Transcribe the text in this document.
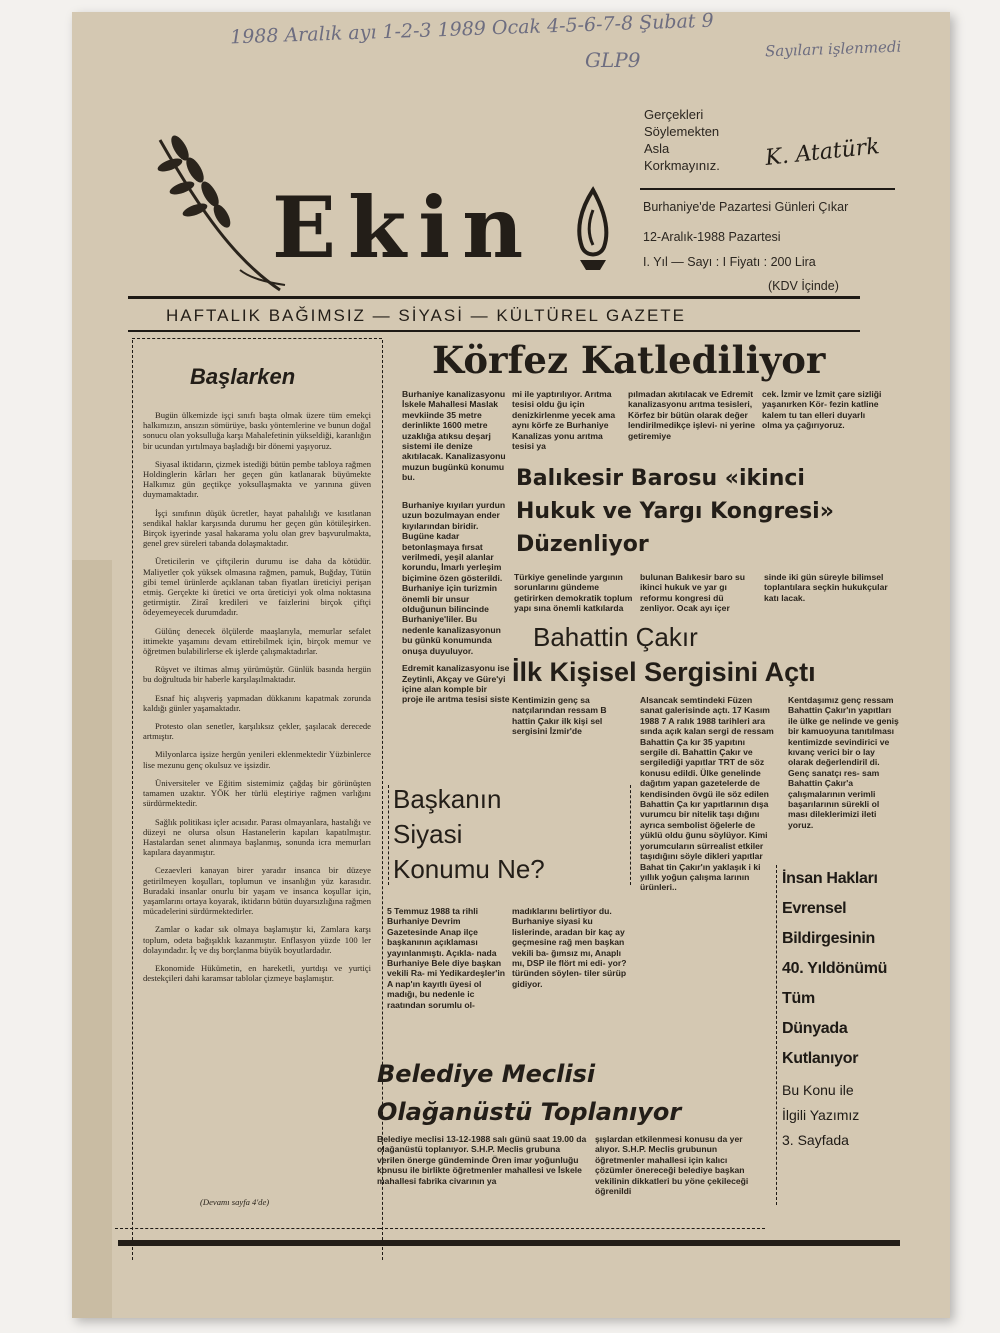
1988 Aralık ayı 1-2-3 1989 Ocak 4-5-6-7-8 Şubat 9
Sayıları işlenmedi
GLP9
Ekin
Gerçekleri
Söylemekten
Asla
Korkmayınız. K. Atatürk
Burhaniye'de Pazartesi Günleri Çıkar
12-Aralık-1988 Pazartesi
I. Yıl — Sayı : I Fiyatı : 200 Lira
(KDV İçinde)
HAFTALIK BAĞIMSIZ — SİYASİ — KÜLTÜREL GAZETE
Başlarken

Bugün ülkemizde işçi sınıfı başta olmak üzere tüm emekçi halkımızın, ansızın sömürüye, baskı yöntemlerine ve bunun doğal sonucu olan yoksulluğa karşı Mahalefetinin yükseldiği, karanlığın bir ucundan yırtılmaya başladığı bir dönemi yaşıyoruz.

Siyasal iktidarın, çizmek istediği bütün pembe tabloya rağmen Holdinglerin kârları her geçen gün katlanarak büyümekte Halkımız gün geçtikçe yoksullaşmakta ve yarınına güven duymamaktadır.

İşçi sınıfının düşük ücretler, hayat pahalılığı ve kısıtlanan sendikal haklar karşısında durumu her geçen gün kötüleşirken. Birçok işyerinde yasal hakarama yolu olan grev başvurulmakta, genel grev süreleri tabanda dolaşmaktadır.

Üreticilerin ve çiftçilerin durumu ise daha da kötüdür. Maliyetler çok yüksek olmasına rağmen, pamuk, Buğday, Tütün gibi temel ürünlerde açıklanan taban fiyatları üreticiyi perişan etmiş. Gerçekte ki üretici ve orta üreticiyi yok olma noktasına getirmiştir. Ziraî kredileri ve faizlerini birçok çiftçi ödeyemeyecek durumdadır.

Gülünç denecek ölçülerde maaşlarıyla, memurlar sefalet ittimekte yaşamını devam ettirebilmek için, birçok memur ve öğretmen bulabilirlerse ek işlerde çalışmaktadırlar.

Rüşvet ve iltimas almış yürümüştür. Günlük basında hergün bu doğrultuda bir haberle karşılaşılmaktadır.

Esnaf hiç alışveriş yapmadan dükkanını kapatmak zorunda kaldığı günler yaşamaktadır.

Protesto olan senetler, karşılıksız çekler, şaşılacak derecede artmıştır.

Milyonlarca işsize hergün yenileri eklenmektedir Yüzbinlerce lise mezunu genç okulsuz ve işsizdir.

Üniversiteler ve Eğitim sistemimiz çağdaş bir görünüşten tamamen uzaktır. YÖK her türlü eleştiriye rağmen varlığını sürdürmektedir.

Sağlık politikası içler acısıdır. Parası olmayanlara, hastalığı ve düzeyi ne olursa olsun Hastanelerin kapıları kapatılmıştır. Hastalardan senet alınmaya başlanmış, sonunda icra memurları kapılara dayanmıştır.

Cezaevleri kanayan birer yaradır insanca bir düzeye getirilmeyen koşulları, toplumun ve insanlığın yüz karasıdır. Buradaki insanlar onurlu bir yaşam ve insanca koşullar için, yaşamlarını ortaya koyarak, iktidarın bütün duyarsızlığına rağmen mücadelerini sürdürmektedirler.

Zamlar o kadar sık olmaya başlamıştır ki, Zamlara karşı toplum, odeta bağışıklık kazanmıştır. Enflasyon yüzde 100 ler dolayındadır. İç ve dış borçlanma büyük boyutlardadır.

Ekonomide Hükümetin, en hareketli, yurtdışı ve yurtiçi destekçileri dahi karamsar tablolar çizmeye başlamıştır.

(Devamı sayfa 4'de)
Körfez Katlediliyor
Burhaniye kanalizasyonu İskele Mahallesi Maslak mevkiinde 35 metre derinlikte 1600 metre uzaklığa atıksu deşarj sistemi ile denize akıtılacak. Kanalizasyonu muzun bugünkü konumu bu.
mi ile yaptırılıyor. Arıtma tesisi oldu ğu için denizkirlenme yecek ama aynı körfe ze Burhaniye Kanalizas yonu arıtma tesisi ya
pılmadan akıtılacak ve Edremit kanalizasyonu arıtma tesisleri, Körfez bir bütün olarak değer lendirilmedikçe işlevi- ni yerine getiremiye
cek. İzmir ve İzmit çare sizliği yaşanırken Kör- fezin katline kalem tu tan elleri duyarlı olma ya çağırıyoruz.

Burhaniye kıyıları yurdun uzun bozulmayan ender kıyılarından biridir. Bugüne kadar betonlaşmaya fırsat verilmedi, yeşil alanlar korundu, İmarlı yerleşim biçimine özen gösterildi. Burhaniye için turizmin önemli bir unsur olduğunun bilincinde Burhaniye'liler. Bu nedenle kanalizasyonun bu günkü konumunda onuşa duyuluyor.

Edremit kanalizasyonu ise Zeytinli, Akçay ve Güre'yi içine alan komple bir proje ile arıtma tesisi siste

Balıkesir Barosu «ikinci
Hukuk ve Yargı Kongresi»
Düzenliyor
Türkiye genelinde yargının sorunlarını gündeme getirirken demokratik toplum yapı sına önemli katkılarda
bulunan Balıkesir baro su ikinci hukuk ve yar gı reformu kongresi dü zenliyor. Ocak ayı içer
sinde iki gün süreyle bilimsel toplantılara seçkin hukukçular katı lacak.
Bahattin Çakır
İlk Kişisel Sergisini Açtı
Kentimizin genç sa natçılarından ressam B hattin Çakır ilk kişi sel sergisini İzmir'de
Alsancak semtindeki Füzen sanat galerisinde açtı. 17 Kasım 1988 7 A ralık 1988 tarihleri ara sında açık kalan sergi de ressam Bahattin Ça kır 35 yapıtını sergile di. Bahattin Çakır ve sergilediği yapıtlar TRT de söz konusu edildi. Ülke genelinde dağıtım yapan gazetelerde de kendisinden övgü ile söz edilen Bahattin Ça kır yapıtlarının dışa vurumcu bir nitelik taşı dığını ayrıca sembolist öğelerle de yüklü oldu ğunu söylüyor. Kimi yorumcuların sürrealist etkiler taşıdığını söyle dikleri yapıtlar Bahat tin Çakır'ın yaklaşık i ki yıllık yoğun çalışma larının ürünleri..
Kentdaşımız genç ressam Bahattin Çakır'ın yapıtları ile ülke ge nelinde ve geniş bir kamuoyuna tanıtılması kentimizde sevindirici ve kıvanç verici bir o lay olarak değerlendiril di. Genç sanatçı res- sam Bahattin Çakır'a çalışmalarının verimli başarılarının sürekli ol ması dileklerimizi ileti yoruz.
Başkanın
Siyasi
Konumu Ne?
5 Temmuz 1988 ta rihli Burhaniye Devrim Gazetesinde Anap ilçe başkanının açıklaması yayınlanmıştı. Açıkla- nada Burhaniye Bele diye başkan vekili Ra- mi Yedikardeşler'in A nap'ın kayıtlı üyesi ol madığı, bu nedenle ic raatından sorumlu ol-
madıklarını belirtiyor du. Burhaniye siyasi ku lislerinde, aradan bir kaç ay geçmesine rağ men başkan vekili ba- ğımsız mı, Anaplı mı, DSP ile flört mi edi- yor? türünden söylen- tiler sürüp gidiyor.
Belediye Meclisi
Olağanüstü Toplanıyor
Belediye meclisi 13-12-1988 salı günü saat 19.00 da olağanüstü toplanıyor. S.H.P. Meclis grubuna verilen önerge gündeminde Ören imar yoğunluğu konusu ile birlikte öğretmenler mahallesi ve İskele mahallesi fabrika civarının ya
şışlardan etkilenmesi konusu da yer alıyor. S.H.P. Meclis grubunun öğretmenler mahallesi için kalıcı çözümler önereceği belediye başkan vekilinin dikkatleri bu yöne çekileceği öğrenildi
İnsan Hakları
Evrensel
Bildirgesinin
40. Yıldönümü
Tüm
Dünyada
Kutlanıyor
Bu Konu ile
İlgili Yazımız
3. Sayfada
